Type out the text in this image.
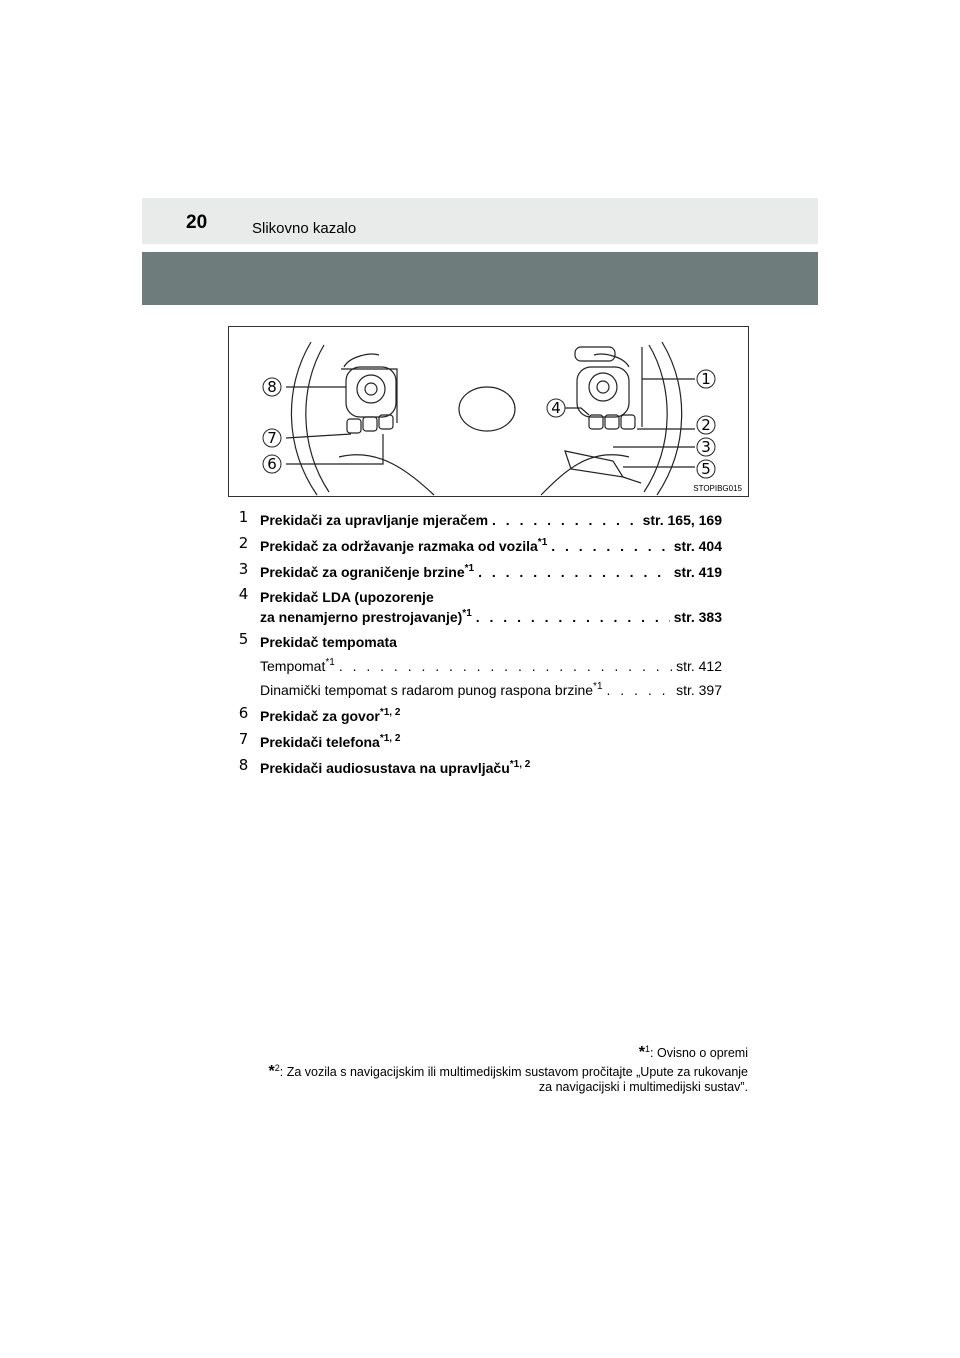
20	Slikovno kazalo
8
7
6
4
1
2
3
5
STOPIBG015
1 Prekidači za upravljanje mjeračem . . .	str. 165, 169
2 Prekidač za održavanje razmaka od vozila$^{*1}$ . . .	str. 404
3 Prekidač za ograničenje brzine$^{*1}$ . . .	str. 419
4 Prekidač LDA (upozorenje
za nenamjerno prestrojavanje)$^{*1}$ . . .	str. 383
5 Prekidač tempomata
Tempomat$^{*1}$ . . .	str. 412
Dinamički tempomat s radarom punog raspona brzine$^{*1}$ . . .	str. 397
6 Prekidač za govor$^{*1, 2}$
7 Prekidači telefona$^{*1, 2}$
8 Prekidači audiosustava na upravljaču$^{*1, 2}$
*$^1$: Ovisno o opremi
*$^2$: Za vozila s navigacijskim ili multimedijskim sustavom pročitajte „Upute za rukovanje
za navigacijski i multimedijski sustav”.
